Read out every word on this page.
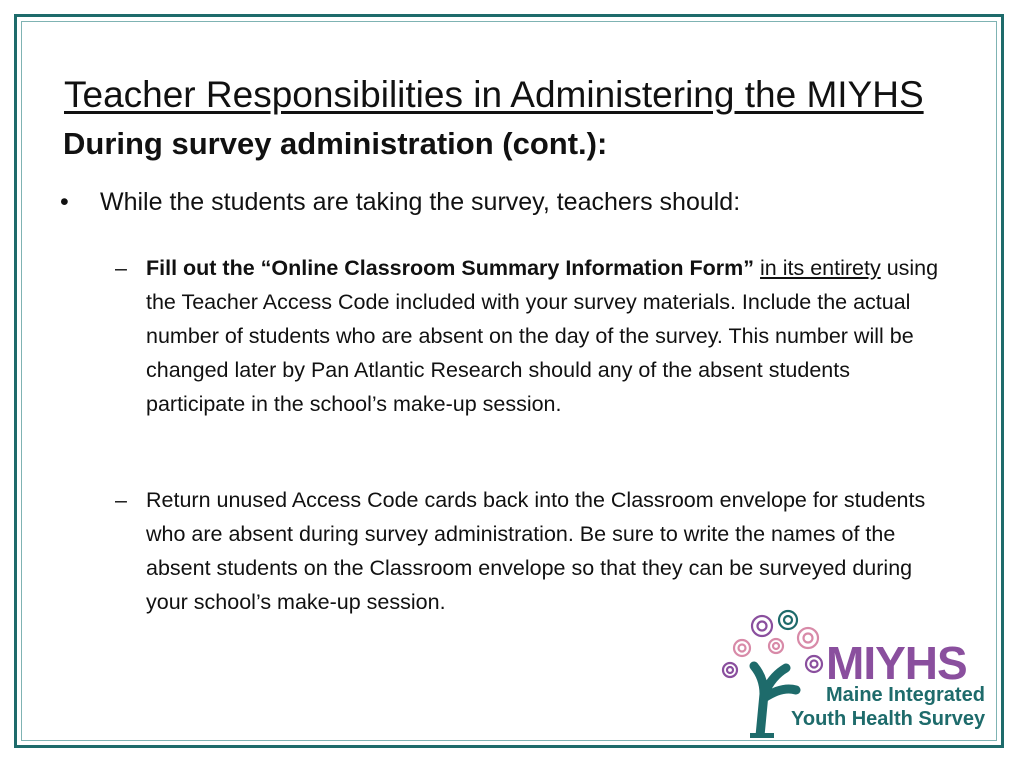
Teacher Responsibilities in Administering the MIYHS
During survey administration (cont.):
• While the students are taking the survey, teachers should:
– Fill out the “Online Classroom Summary Information Form” in its entirety using the Teacher Access Code included with your survey materials. Include the actual number of students who are absent on the day of the survey. This number will be changed later by Pan Atlantic Research should any of the absent students participate in the school’s make-up session.
– Return unused Access Code cards back into the Classroom envelope for students who are absent during survey administration. Be sure to write the names of the absent students on the Classroom envelope so that they can be surveyed during your school’s make-up session.
MIYHS
Maine Integrated
Youth Health Survey
